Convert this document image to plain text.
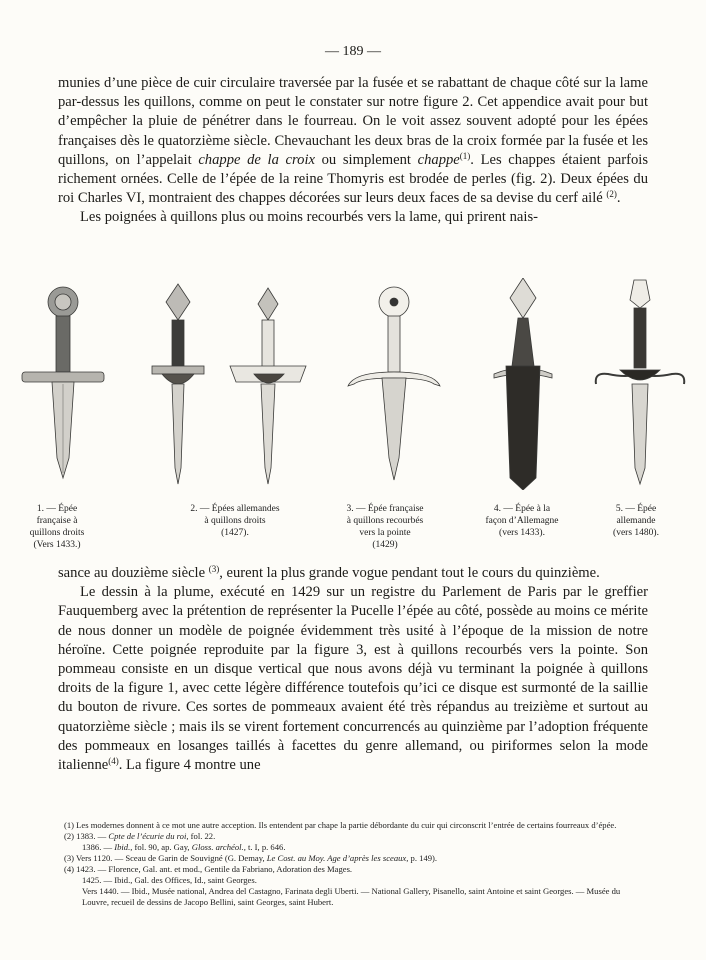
— 189 —

munies d’une pièce de cuir circulaire traversée par la fusée et se rabattant de chaque côté sur la lame par-dessus les quillons, comme on peut le constater sur notre figure 2. Cet appendice avait pour but d’empêcher la pluie de pénétrer dans le fourreau. On le voit assez souvent adopté pour les épées françaises dès le quatorzième siècle. Chevauchant les deux bras de la croix formée par la fusée et les quillons, on l’appelait chappe de la croix ou simplement chappe$^{(1)}$. Les chappes étaient parfois richement ornées. Celle de l’épée de la reine Thomyris est brodée de perles (fig. 2). Deux épées du roi Charles VI, montraient des chappes décorées sur leurs deux faces de sa devise du cerf ailé $^{(2)}$.

Les poignées à quillons plus ou moins recourbés vers la lame, qui prirent nais-

1. — Épée
française à
quillons droits
(Vers 1433.)
2. — Épées allemandes
à quillons droits
(1427).
3. — Épée française
à quillons recourbés
vers la pointe
(1429)
4. — Épée à la
façon d’Allemagne
(vers 1433).
5. — Épée
allemande
(vers 1480).

sance au douzième siècle $^{(3)}$, eurent la plus grande vogue pendant tout le cours du quinzième.

Le dessin à la plume, exécuté en 1429 sur un registre du Parlement de Paris par le greffier Fauquemberg avec la prétention de représenter la Pucelle l’épée au côté, possède au moins ce mérite de nous donner un modèle de poignée évidemment très usité à l’époque de la mission de notre héroïne. Cette poignée reproduite par la figure 3, est à quillons recourbés vers la pointe. Son pommeau consiste en un disque vertical que nous avons déjà vu terminant la poignée à quillons droits de la figure 1, avec cette légère différence toutefois qu’ici ce disque est surmonté de la saillie du bouton de rivure. Ces sortes de pommeaux avaient été très répandus au treizième et surtout au quatorzième siècle ; mais ils se virent fortement concurrencés au quinzième par l’adoption fréquente des pommeaux en losanges taillés à facettes du genre allemand, ou piriformes selon la mode italienne$^{(4)}$. La figure 4 montre une

(1) Les modernes donnent à ce mot une autre acception. Ils entendent par chape la partie débordante du cuir qui circonscrit l’entrée de certains fourreaux d’épée.

(2) 1383. — Cpte de l’écurie du roi, fol. 22.

1386. — Ibid., fol. 90, ap. Gay, Gloss. archéol., t. I, p. 646.

(3) Vers 1120. — Sceau de Garin de Souvigné (G. Demay, Le Cost. au Moy. Age d’après les sceaux, p. 149).

(4) 1423. — Florence, Gal. ant. et mod., Gentile da Fabriano, Adoration des Mages.

1425. — Ibid., Gal. des Offices, Id., saint Georges.

Vers 1440. — Ibid., Musée national, Andrea del Castagno, Farinata degli Uberti. — National Gallery, Pisanello, saint Antoine et saint Georges. — Musée du Louvre, recueil de dessins de Jacopo Bellini, saint Georges, saint Hubert.
